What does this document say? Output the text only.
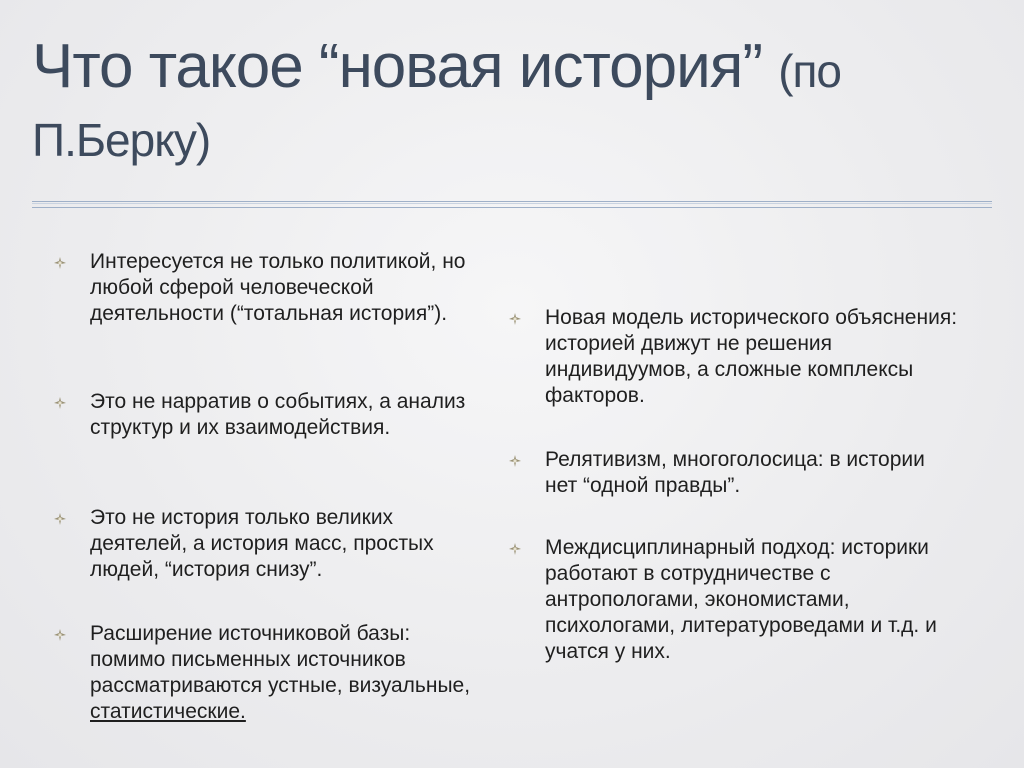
Что такое “новая история” (по
П.Берку)
Интересуется не только политикой, но любой сферой человеческой деятельности (“тотальная история”).
Это не нарратив о событиях, а анализ структур и их взаимодействия.
Это не история только великих деятелей, а история масс, простых людей, “история снизу”.
Расширение источниковой базы: помимо письменных источников рассматриваются устные, визуальные, статистические.
Новая модель исторического объяснения: историей движут не решения индивидуумов, а сложные комплексы факторов.
Релятивизм, многоголосица: в истории нет “одной правды”.
Междисциплинарный подход: историки работают в сотрудничестве с антропологами, экономистами, психологами, литературоведами и т.д. и учатся у них.
